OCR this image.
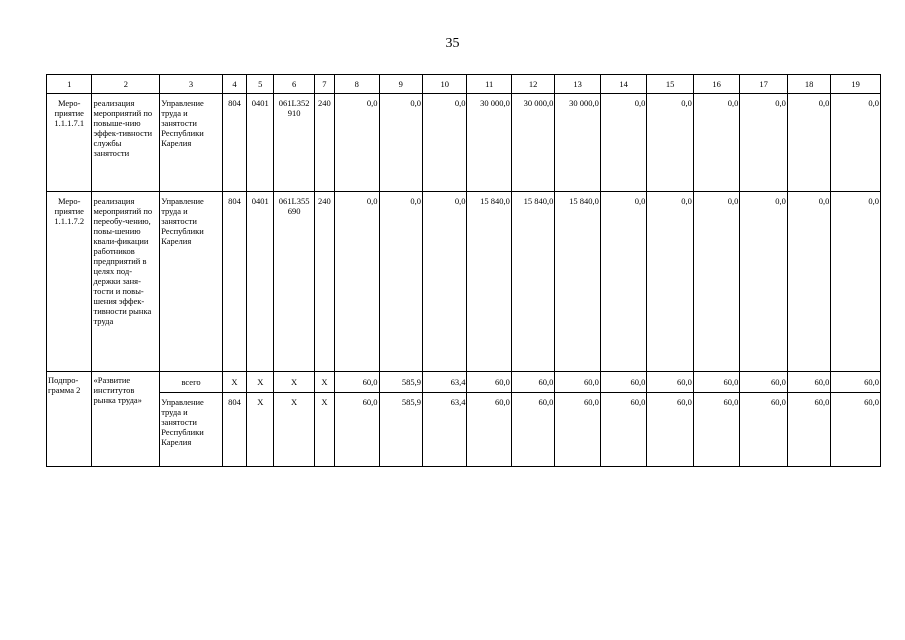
35
1	2	3	4	5	6	7	8	9	10	11	12	13	14	15	16	17	18	19
Меро-приятие 1.1.1.7.1	реализация мероприятий по повыше-нию эффек-тивности службы занятости	Управление труда и занятости Республики Карелия	804	0401	061L352 910	240	0,0	0,0	0,0	30 000,0	30 000,0	30 000,0	0,0	0,0	0,0	0,0	0,0	0,0
Меро-приятие 1.1.1.7.2	реализация мероприятий по переобу-чению, повы-шению квали-фикации работников предприятий в целях под-держки заня-тости и повы-шения эффек-тивности рынка труда	Управление труда и занятости Республики Карелия	804	0401	061L355 690	240	0,0	0,0	0,0	15 840,0	15 840,0	15 840,0	0,0	0,0	0,0	0,0	0,0	0,0
Подпро-грамма 2	«Развитие институтов рынка труда»	всего	Х	Х	Х	Х	60,0	585,9	63,4	60,0	60,0	60,0	60,0	60,0	60,0	60,0	60,0	60,0
		Управление труда и занятости Республики Карелия	804	Х	Х	Х	60,0	585,9	63,4	60,0	60,0	60,0	60,0	60,0	60,0	60,0	60,0	60,0
